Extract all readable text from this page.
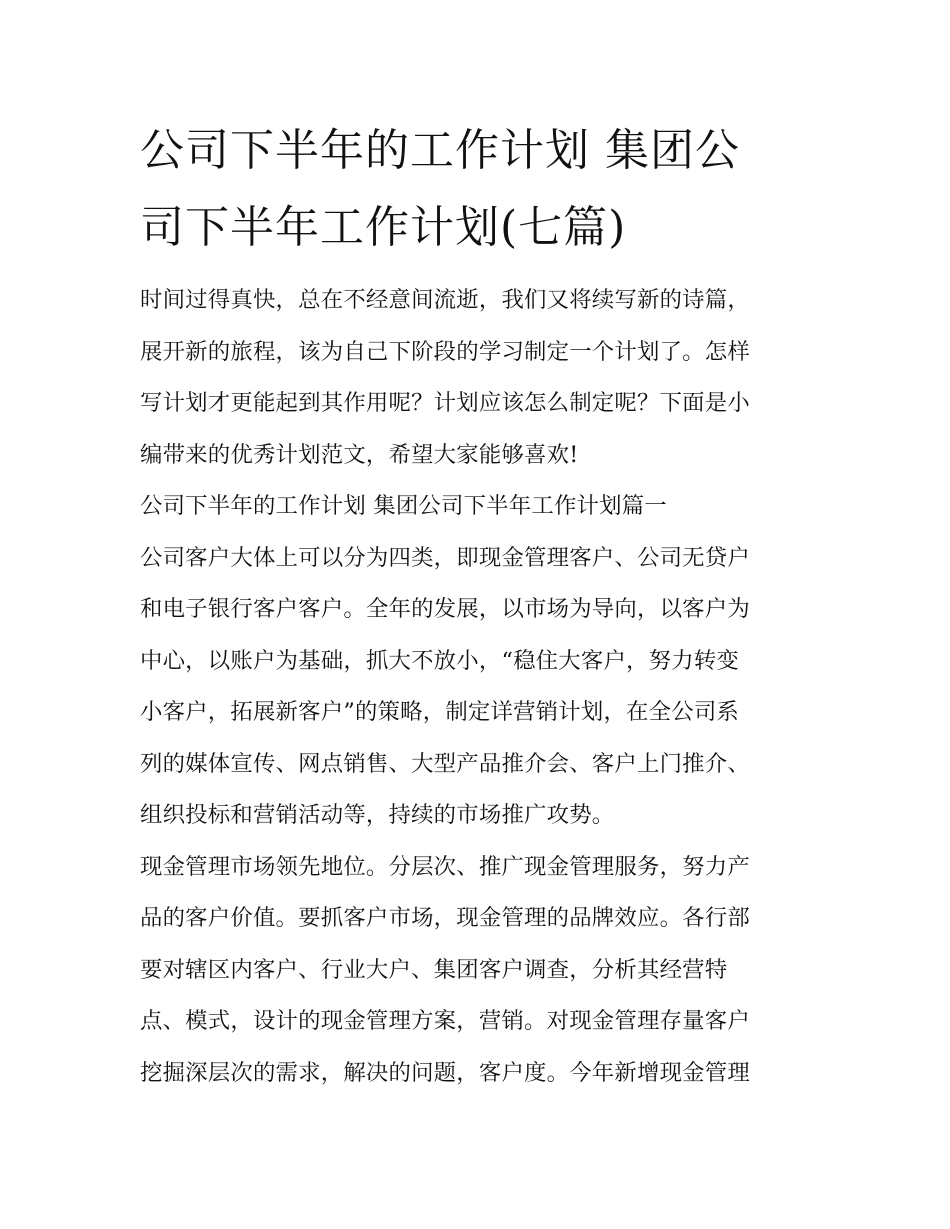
公司下半年的工作计划 集团公
司下半年工作计划(七篇)
时间过得真快，总在不经意间流逝，我们又将续写新的诗篇，
展开新的旅程，该为自己下阶段的学习制定一个计划了。怎样
写计划才更能起到其作用呢？计划应该怎么制定呢？下面是小
编带来的优秀计划范文，希望大家能够喜欢!
公司下半年的工作计划 集团公司下半年工作计划篇一
公司客户大体上可以分为四类，即现金管理客户、公司无贷户
和电子银行客户客户。全年的发展，以市场为导向，以客户为
中心，以账户为基础，抓大不放小，“稳住大客户，努力转变
小客户，拓展新客户”的策略，制定详营销计划，在全公司系
列的媒体宣传、网点销售、大型产品推介会、客户上门推介、
组织投标和营销活动等，持续的市场推广攻势。
现金管理市场领先地位。分层次、推广现金管理服务，努力产
品的客户价值。要抓客户市场，现金管理的品牌效应。各行部
要对辖区内客户、行业大户、集团客户调查，分析其经营特
点、模式，设计的现金管理方案，营销。对现金管理存量客户
挖掘深层次的需求，解决的问题，客户度。今年新增现金管理
